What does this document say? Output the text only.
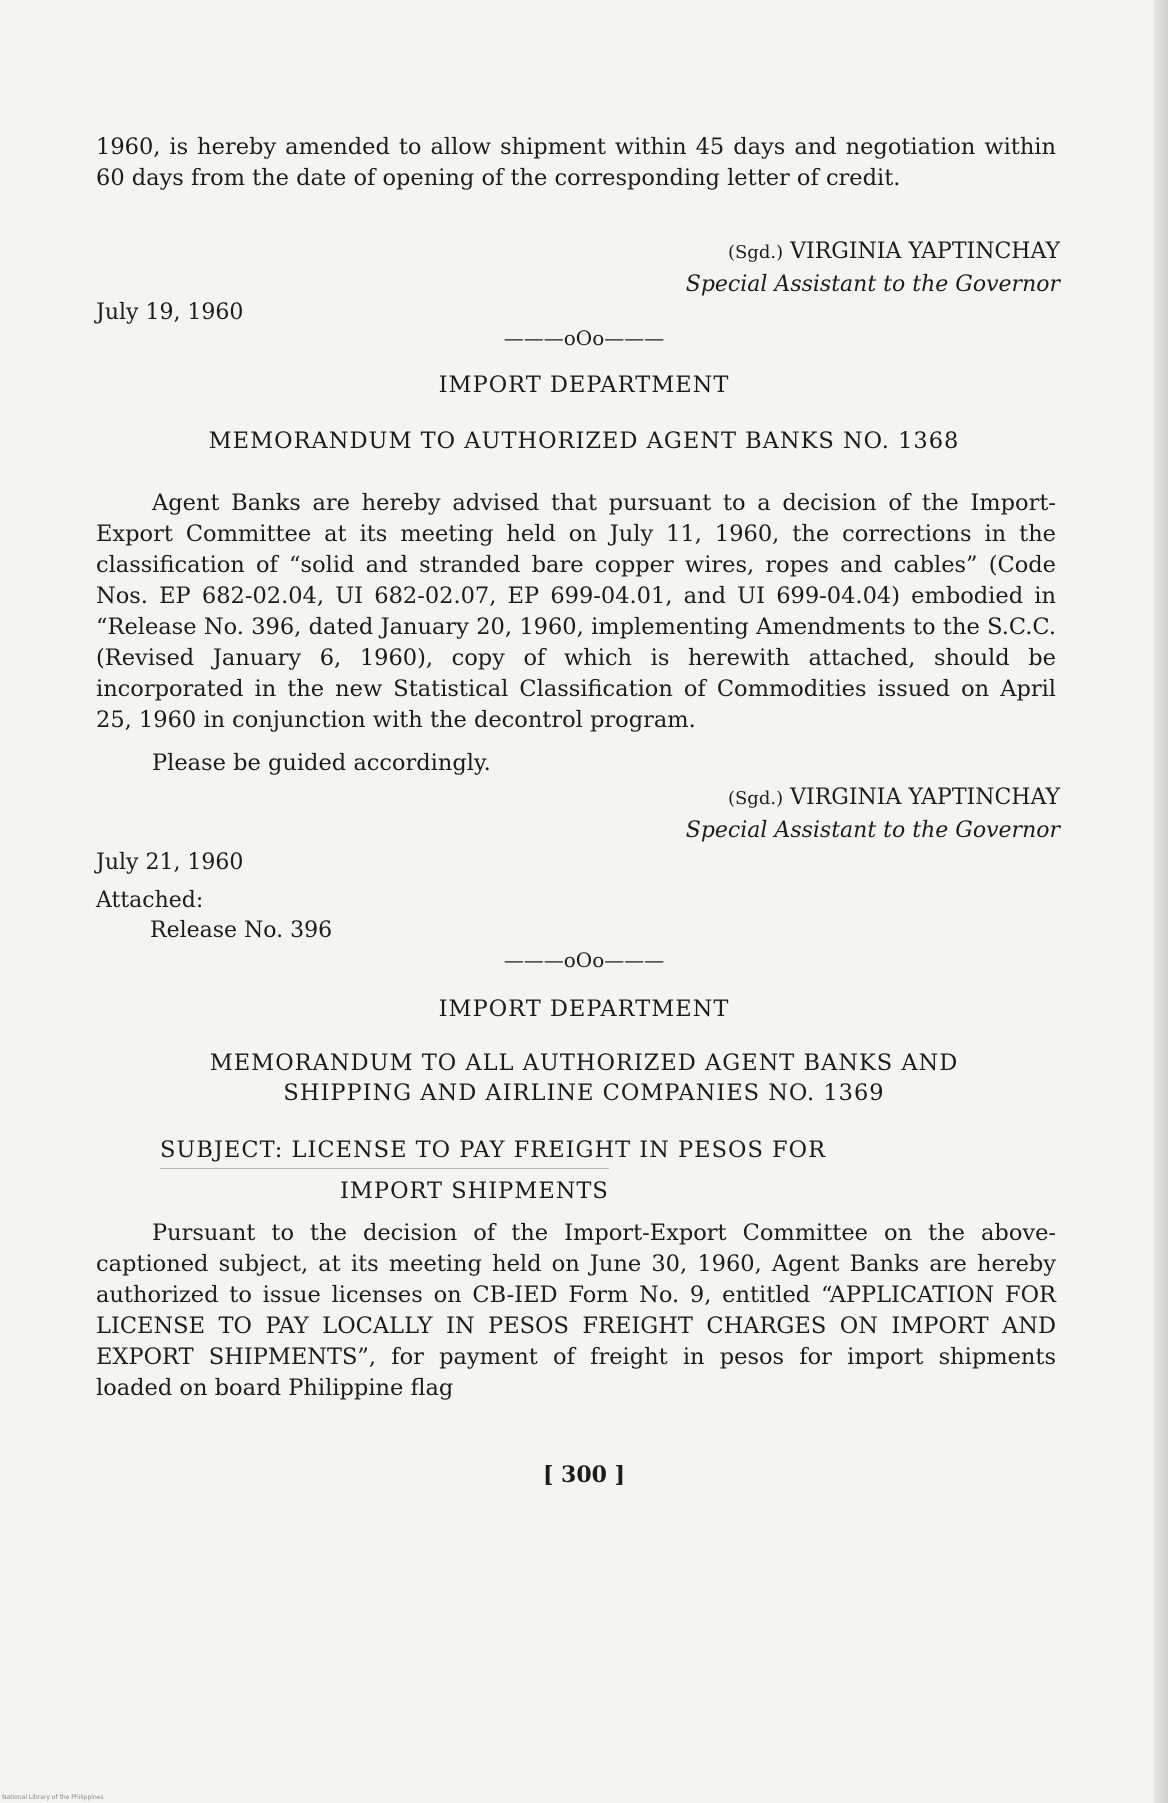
1960, is hereby amended to allow shipment within 45 days and negotiation within 60 days from the date of opening of the corresponding letter of credit.
(Sgd.) VIRGINIA YAPTINCHAY
Special Assistant to the Governor
July 19, 1960
———oOo———
IMPORT DEPARTMENT
MEMORANDUM TO AUTHORIZED AGENT BANKS NO. 1368
Agent Banks are hereby advised that pursuant to a decision of the Import-Export Committee at its meeting held on July 11, 1960, the corrections in the classification of “solid and stranded bare copper wires, ropes and cables” (Code Nos. EP 682-02.04, UI 682-02.07, EP 699-04.01, and UI 699-04.04) embodied in “Release No. 396, dated January 20, 1960, implementing Amendments to the S.C.C. (Revised January 6, 1960), copy of which is herewith attached, should be incorporated in the new Statistical Classification of Commodities issued on April 25, 1960 in conjunction with the decontrol program.
Please be guided accordingly.
(Sgd.) VIRGINIA YAPTINCHAY
Special Assistant to the Governor
July 21, 1960
Attached:
Release No. 396
———oOo———
IMPORT DEPARTMENT
MEMORANDUM TO ALL AUTHORIZED AGENT BANKS AND
SHIPPING AND AIRLINE COMPANIES NO. 1369
SUBJECT: LICENSE TO PAY FREIGHT IN PESOS FOR
IMPORT SHIPMENTS
Pursuant to the decision of the Import-Export Committee on the above-captioned subject, at its meeting held on June 30, 1960, Agent Banks are hereby authorized to issue licenses on CB-IED Form No. 9, entitled “APPLICATION FOR LICENSE TO PAY LOCALLY IN PESOS FREIGHT CHARGES ON IMPORT AND EXPORT SHIPMENTS”, for payment of freight in pesos for import shipments loaded on board Philippine flag
[ 300 ]
National Library of the Philippines
